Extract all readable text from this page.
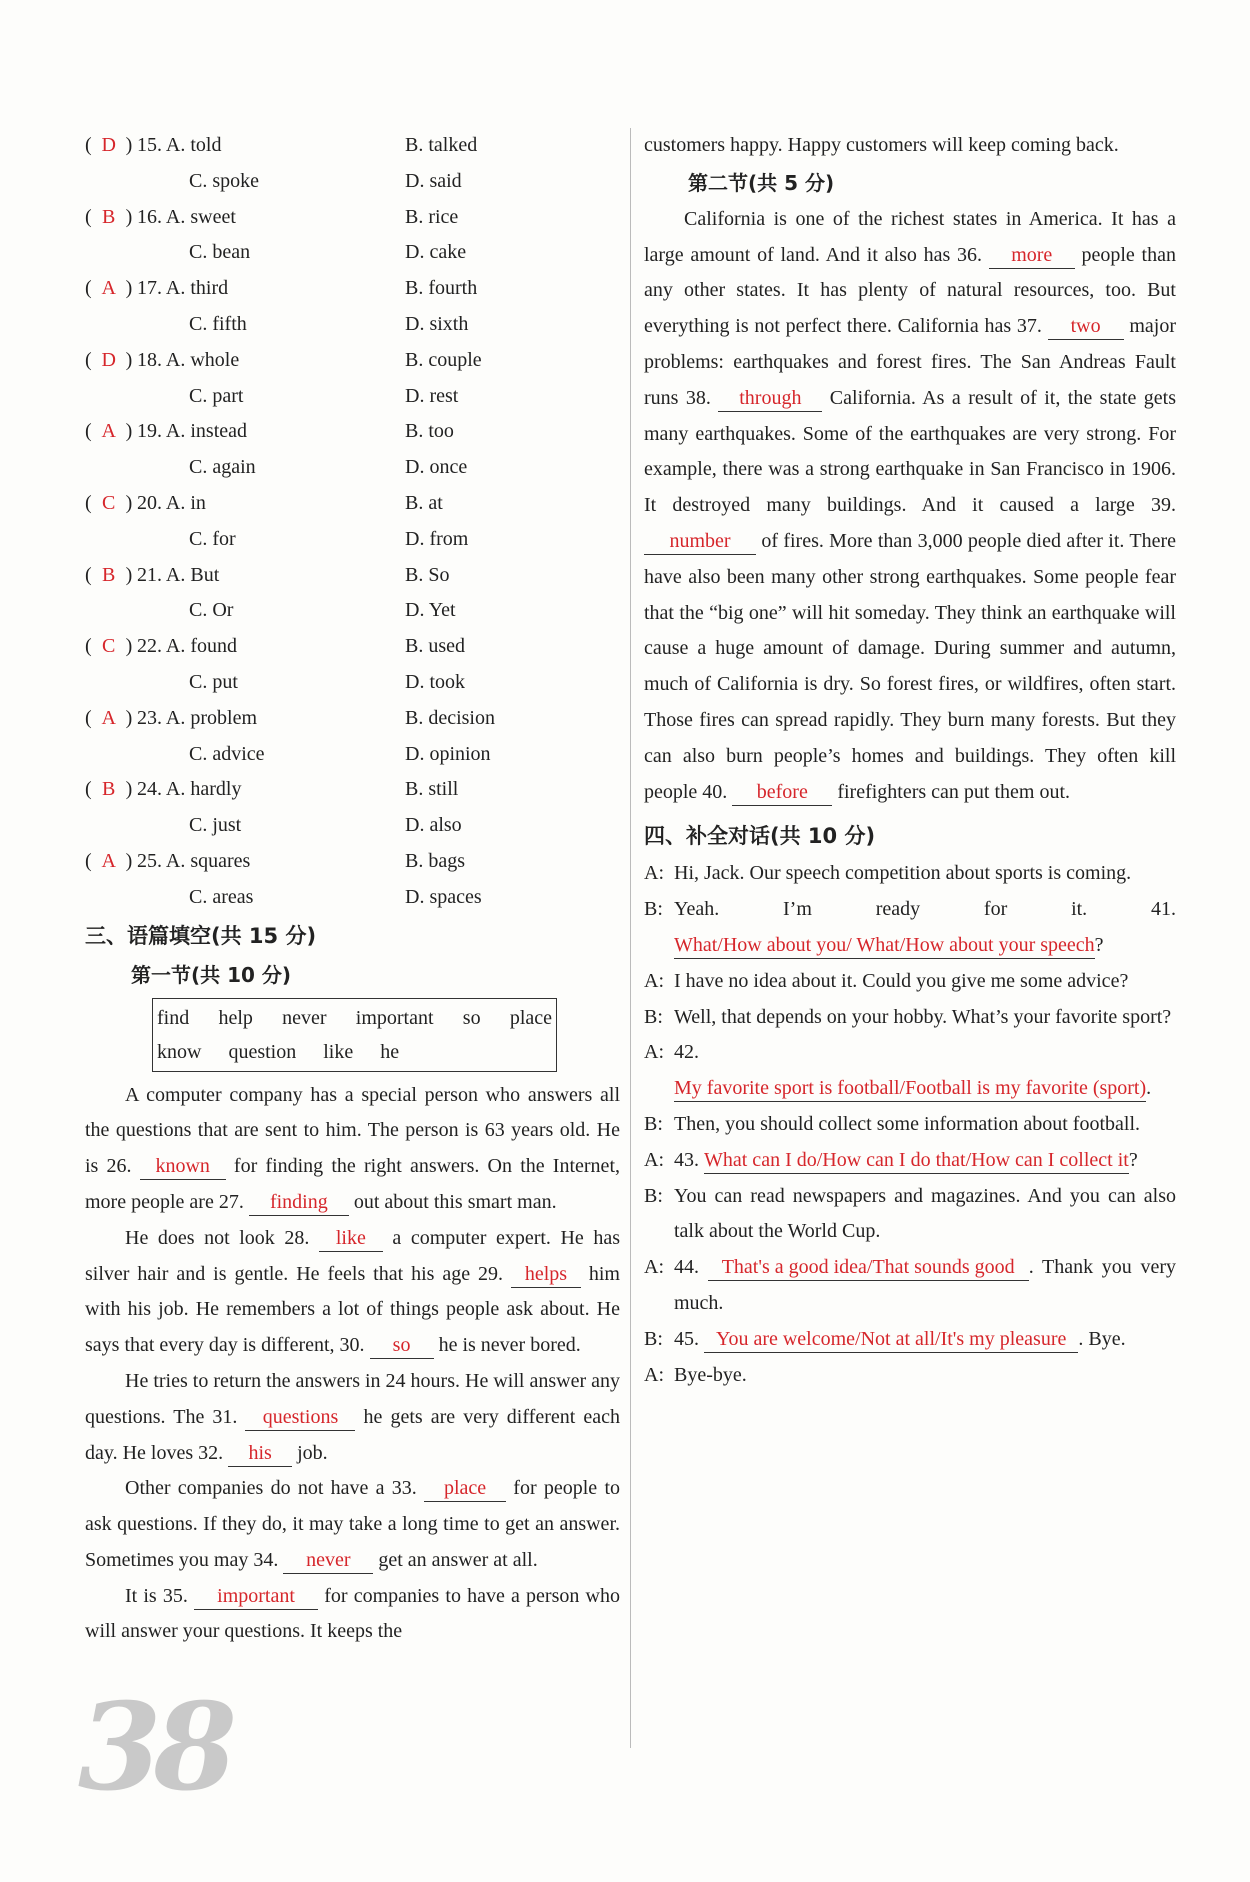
( D ) 15. A. told	B. talked
C. spoke	D. said
( B ) 16. A. sweet	B. rice
C. bean	D. cake
( A ) 17. A. third	B. fourth
C. fifth	D. sixth
( D ) 18. A. whole	B. couple
C. part	D. rest
( A ) 19. A. instead	B. too
C. again	D. once
( C ) 20. A. in	B. at
C. for	D. from
( B ) 21. A. But	B. So
C. Or	D. Yet
( C ) 22. A. found	B. used
C. put	D. took
( A ) 23. A. problem	B. decision
C. advice	D. opinion
( B ) 24. A. hardly	B. still
C. just	D. also
( A ) 25. A. squares	B. bags
C. areas	D. spaces
三、语篇填空(共 15 分)
第一节(共 10 分)
find help never important so place
know question like he

A computer company has a special person who answers all the questions that are sent to him. The person is 63 years old. He is 26. known for finding the right answers. On the Internet, more people are 27. finding out about this smart man.

He does not look 28. like a computer expert. He has silver hair and is gentle. He feels that his age 29. helps him with his job. He remembers a lot of things people ask about. He says that every day is different, 30. so he is never bored.

He tries to return the answers in 24 hours. He will answer any questions. The 31. questions he gets are very different each day. He loves 32. his job.

Other companies do not have a 33. place for people to ask questions. If they do, it may take a long time to get an answer. Sometimes you may 34. never get an answer at all.

It is 35. important for companies to have a person who will answer your questions. It keeps the

customers happy. Happy customers will keep coming back.

第二节(共 5 分)

California is one of the richest states in America. It has a large amount of land. And it also has 36. more people than any other states. It has plenty of natural resources, too. But everything is not perfect there. California has 37. two major problems: earthquakes and forest fires. The San Andreas Fault runs 38. through California. As a result of it, the state gets many earthquakes. Some of the earthquakes are very strong. For example, there was a strong earthquake in San Francisco in 1906. It destroyed many buildings. And it caused a large 39. number of fires. More than 3,000 people died after it. There have also been many other strong earthquakes. Some people fear that the “big one” will hit someday. They think an earthquake will cause a huge amount of damage. During summer and autumn, much of California is dry. So forest fires, or wildfires, often start. Those fires can spread rapidly. They burn many forests. But they can also burn people’s homes and buildings. They often kill people 40. before firefighters can put them out.

四、补全对话(共 10 分)
A: Hi, Jack. Our speech competition about sports is coming.
B: Yeah. I’m ready for it. 41. What/How about you/ What/How about your speech?
A: I have no idea about it. Could you give me some advice?
B: Well, that depends on your hobby. What’s your favorite sport?
A: 42. My favorite sport is football/Football is my favorite (sport).
B: Then, you should collect some information about football.
A: 43. What can I do/How can I do that/How can I collect it?
B: You can read newspapers and magazines. And you can also talk about the World Cup.
A: 44. That's a good idea/That sounds good . Thank you very much.
B: 45. You are welcome/Not at all/It's my pleasure . Bye.
A: Bye-bye.
38
